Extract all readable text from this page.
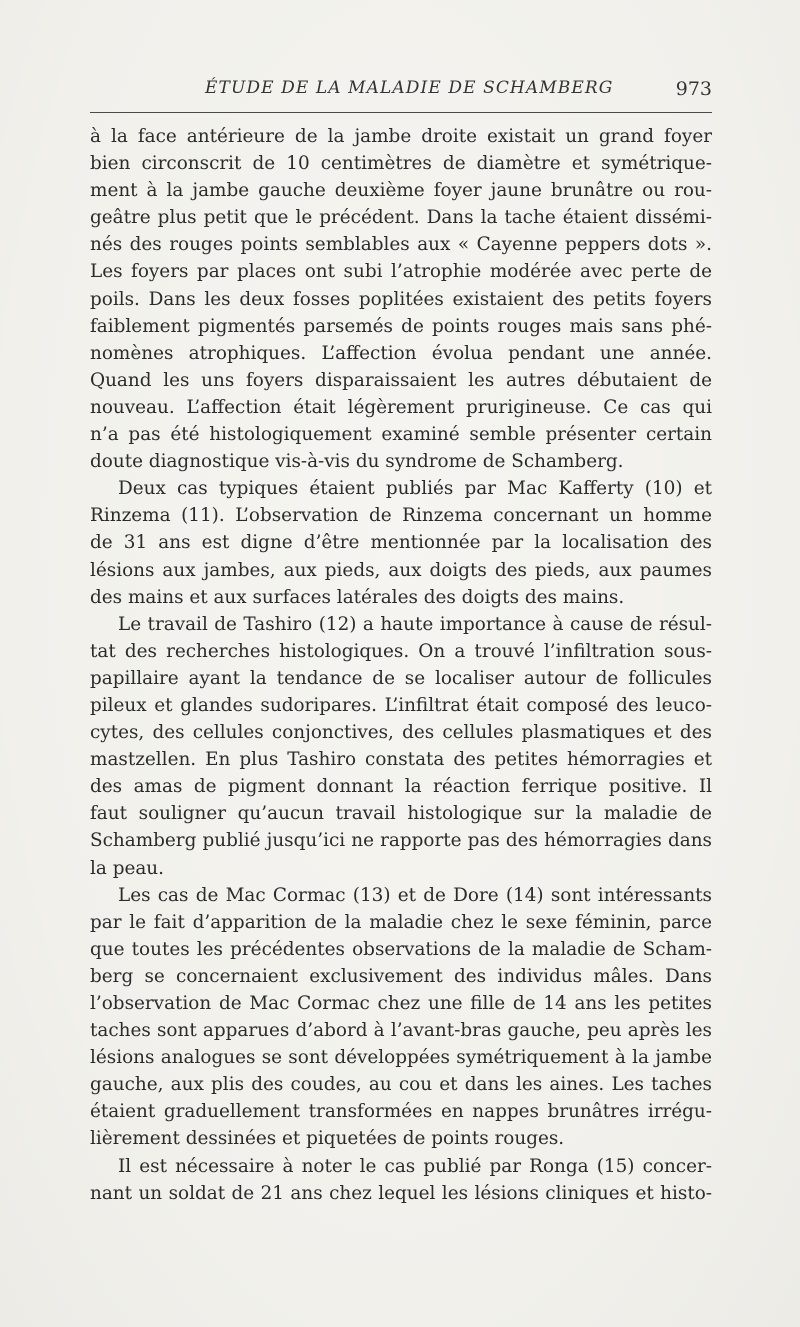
ÉTUDE DE LA MALADIE DE SCHAMBERG	973
à la face antérieure de la jambe droite existait un grand foyer
bien circonscrit de 10 centimètres de diamètre et symétrique-
ment à la jambe gauche deuxième foyer jaune brunâtre ou rou-
geâtre plus petit que le précédent. Dans la tache étaient dissémi-
nés des rouges points semblables aux « Cayenne peppers dots ».
Les foyers par places ont subi l’atrophie modérée avec perte de
poils. Dans les deux fosses poplitées existaient des petits foyers
faiblement pigmentés parsemés de points rouges mais sans phé-
nomènes atrophiques. L’affection évolua pendant une année.
Quand les uns foyers disparaissaient les autres débutaient de
nouveau. L’affection était légèrement prurigineuse. Ce cas qui
n’a pas été histologiquement examiné semble présenter certain
doute diagnostique vis-à-vis du syndrome de Schamberg.
Deux cas typiques étaient publiés par Mac Kafferty (10) et
Rinzema (11). L’observation de Rinzema concernant un homme
de 31 ans est digne d’être mentionnée par la localisation des
lésions aux jambes, aux pieds, aux doigts des pieds, aux paumes
des mains et aux surfaces latérales des doigts des mains.
Le travail de Tashiro (12) a haute importance à cause de résul-
tat des recherches histologiques. On a trouvé l’infiltration sous-
papillaire ayant la tendance de se localiser autour de follicules
pileux et glandes sudoripares. L’infiltrat était composé des leuco-
cytes, des cellules conjonctives, des cellules plasmatiques et des
mastzellen. En plus Tashiro constata des petites hémorragies et
des amas de pigment donnant la réaction ferrique positive. Il
faut souligner qu’aucun travail histologique sur la maladie de
Schamberg publié jusqu’ici ne rapporte pas des hémorragies dans
la peau.
Les cas de Mac Cormac (13) et de Dore (14) sont intéressants
par le fait d’apparition de la maladie chez le sexe féminin, parce
que toutes les précédentes observations de la maladie de Scham-
berg se concernaient exclusivement des individus mâles. Dans
l’observation de Mac Cormac chez une fille de 14 ans les petites
taches sont apparues d’abord à l’avant-bras gauche, peu après les
lésions analogues se sont développées symétriquement à la jambe
gauche, aux plis des coudes, au cou et dans les aines. Les taches
étaient graduellement transformées en nappes brunâtres irrégu-
lièrement dessinées et piquetées de points rouges.
Il est nécessaire à noter le cas publié par Ronga (15) concer-
nant un soldat de 21 ans chez lequel les lésions cliniques et histo-
